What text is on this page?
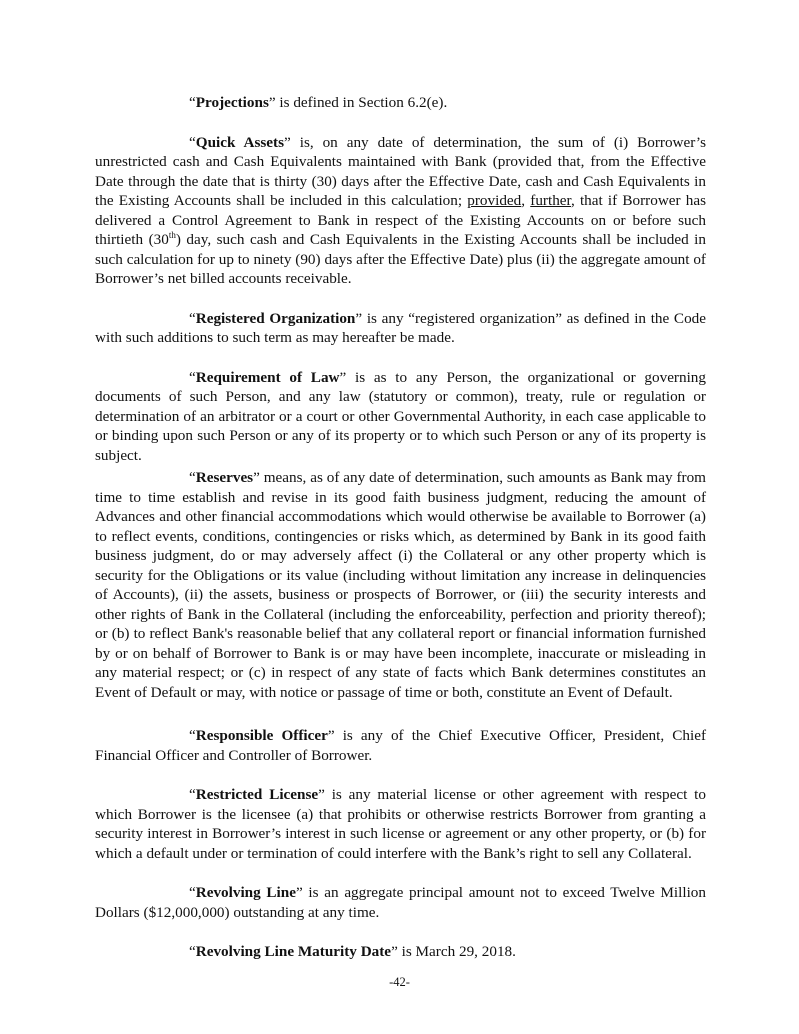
“Projections” is defined in Section 6.2(e).

“Quick Assets” is, on any date of determination, the sum of (i) Borrower’s unrestricted cash and Cash Equivalents maintained with Bank (provided that, from the Effective Date through the date that is thirty (30) days after the Effective Date, cash and Cash Equivalents in the Existing Accounts shall be included in this calculation; provided, further, that if Borrower has delivered a Control Agreement to Bank in respect of the Existing Accounts on or before such thirtieth (30th) day, such cash and Cash Equivalents in the Existing Accounts shall be included in such calculation for up to ninety (90) days after the Effective Date) plus (ii) the aggregate amount of Borrower’s net billed accounts receivable.

“Registered Organization” is any “registered organization” as defined in the Code with such additions to such term as may hereafter be made.

“Requirement of Law” is as to any Person, the organizational or governing documents of such Person, and any law (statutory or common), treaty, rule or regulation or determination of an arbitrator or a court or other Governmental Authority, in each case applicable to or binding upon such Person or any of its property or to which such Person or any of its property is subject.

“Reserves” means, as of any date of determination, such amounts as Bank may from time to time establish and revise in its good faith business judgment, reducing the amount of Advances and other financial accommodations which would otherwise be available to Borrower (a) to reflect events, conditions, contingencies or risks which, as determined by Bank in its good faith business judgment, do or may adversely affect (i) the Collateral or any other property which is security for the Obligations or its value (including without limitation any increase in delinquencies of Accounts), (ii) the assets, business or prospects of Borrower, or (iii) the security interests and other rights of Bank in the Collateral (including the enforceability, perfection and priority thereof); or (b) to reflect Bank's reasonable belief that any collateral report or financial information furnished by or on behalf of Borrower to Bank is or may have been incomplete, inaccurate or misleading in any material respect; or (c) in respect of any state of facts which Bank determines constitutes an Event of Default or may, with notice or passage of time or both, constitute an Event of Default.

“Responsible Officer” is any of the Chief Executive Officer, President, Chief Financial Officer and Controller of Borrower.

“Restricted License” is any material license or other agreement with respect to which Borrower is the licensee (a) that prohibits or otherwise restricts Borrower from granting a security interest in Borrower’s interest in such license or agreement or any other property, or (b) for which a default under or termination of could interfere with the Bank’s right to sell any Collateral.

“Revolving Line” is an aggregate principal amount not to exceed Twelve Million Dollars ($12,000,000) outstanding at any time.

“Revolving Line Maturity Date” is March 29, 2018.

-42-
